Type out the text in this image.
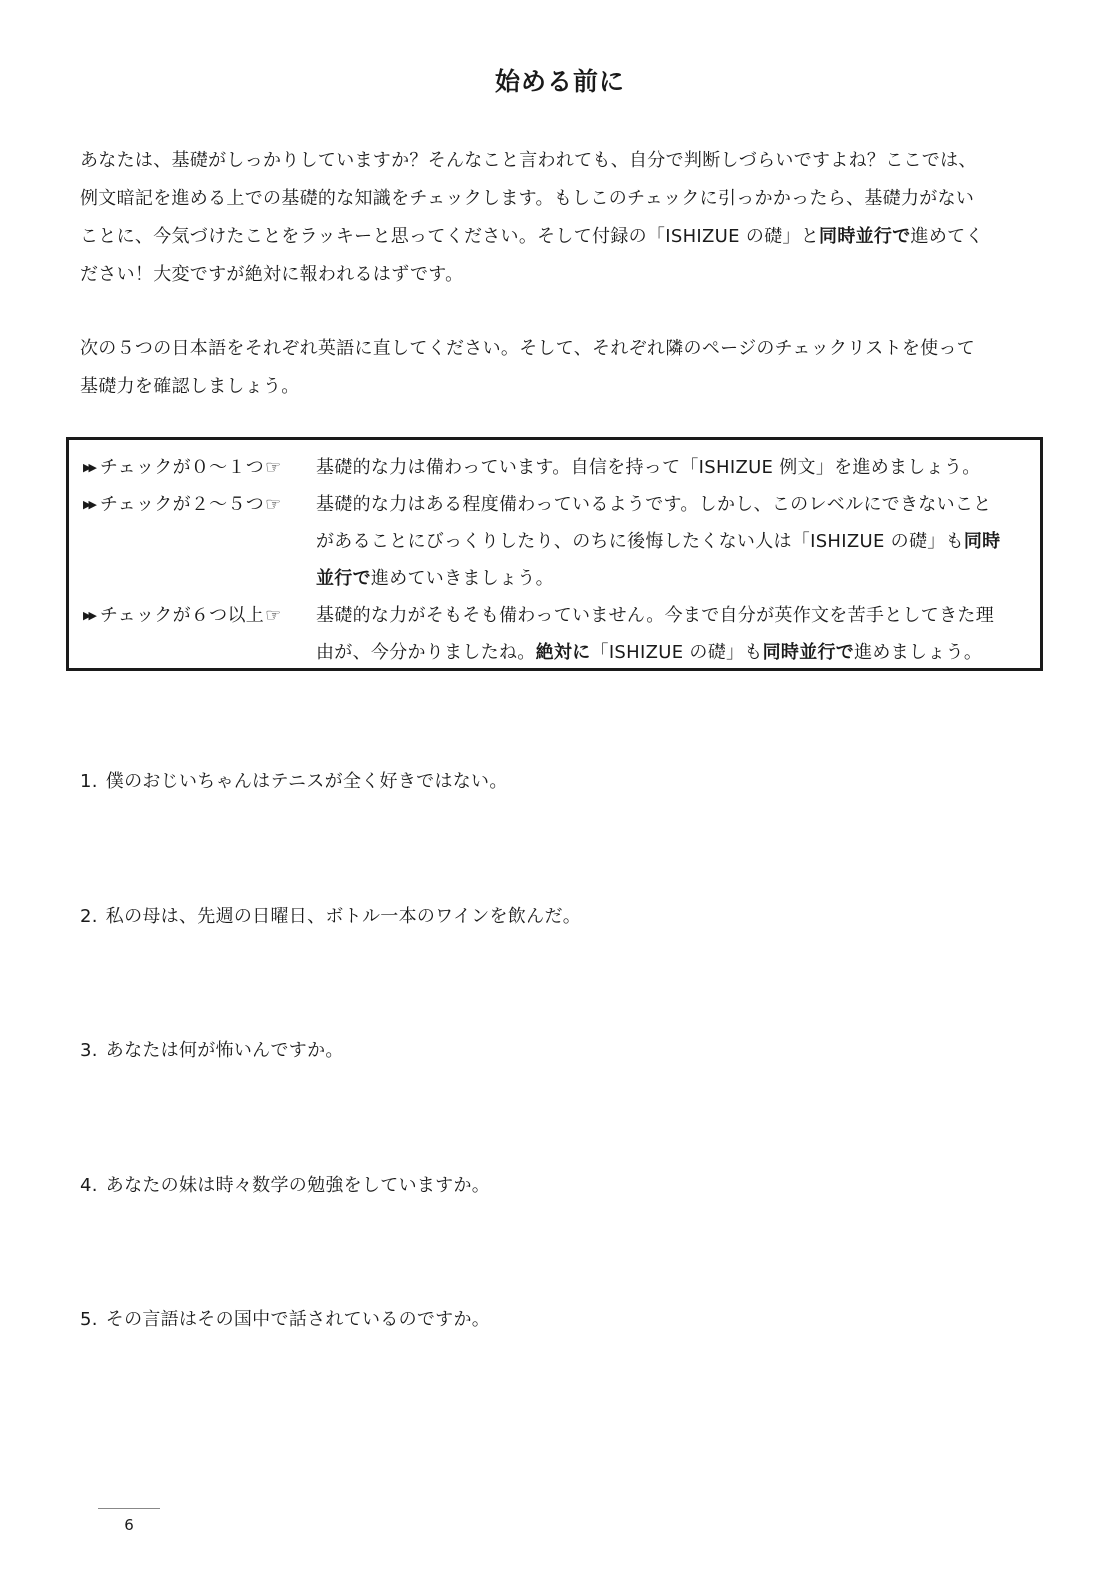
始める前に

あなたは、基礎がしっかりしていますか？そんなこと言われても、自分で判断しづらいですよね？ここでは、

例文暗記を進める上での基礎的な知識をチェックします。もしこのチェックに引っかかったら、基礎力がない

ことに、今気づけたことをラッキーと思ってください。そして付録の「ISHIZUE の礎」と同時並行で進めてく

ださい！大変ですが絶対に報われるはずです。

次の５つの日本語をそれぞれ英語に直してください。そして、それぞれ隣のページのチェックリストを使って

基礎力を確認しましょう。

▶▶ チェックが０～１つ☞ 基礎的な力は備わっています。自信を持って「ISHIZUE 例文」を進めましょう。

▶▶ チェックが２～５つ☞ 基礎的な力はある程度備わっているようです。しかし、このレベルにできないこと

があることにびっくりしたり、のちに後悔したくない人は「ISHIZUE の礎」も同時

並行で進めていきましょう。

▶▶ チェックが６つ以上☞ 基礎的な力がそもそも備わっていません。今まで自分が英作文を苦手としてきた理

由が、今分かりましたね。絶対に「ISHIZUE の礎」も同時並行で進めましょう。

1. 僕のおじいちゃんはテニスが全く好きではない。
2. 私の母は、先週の日曜日、ボトル一本のワインを飲んだ。
3. あなたは何が怖いんですか。
4. あなたの妹は時々数学の勉強をしていますか。
5. その言語はその国中で話されているのですか。
6
